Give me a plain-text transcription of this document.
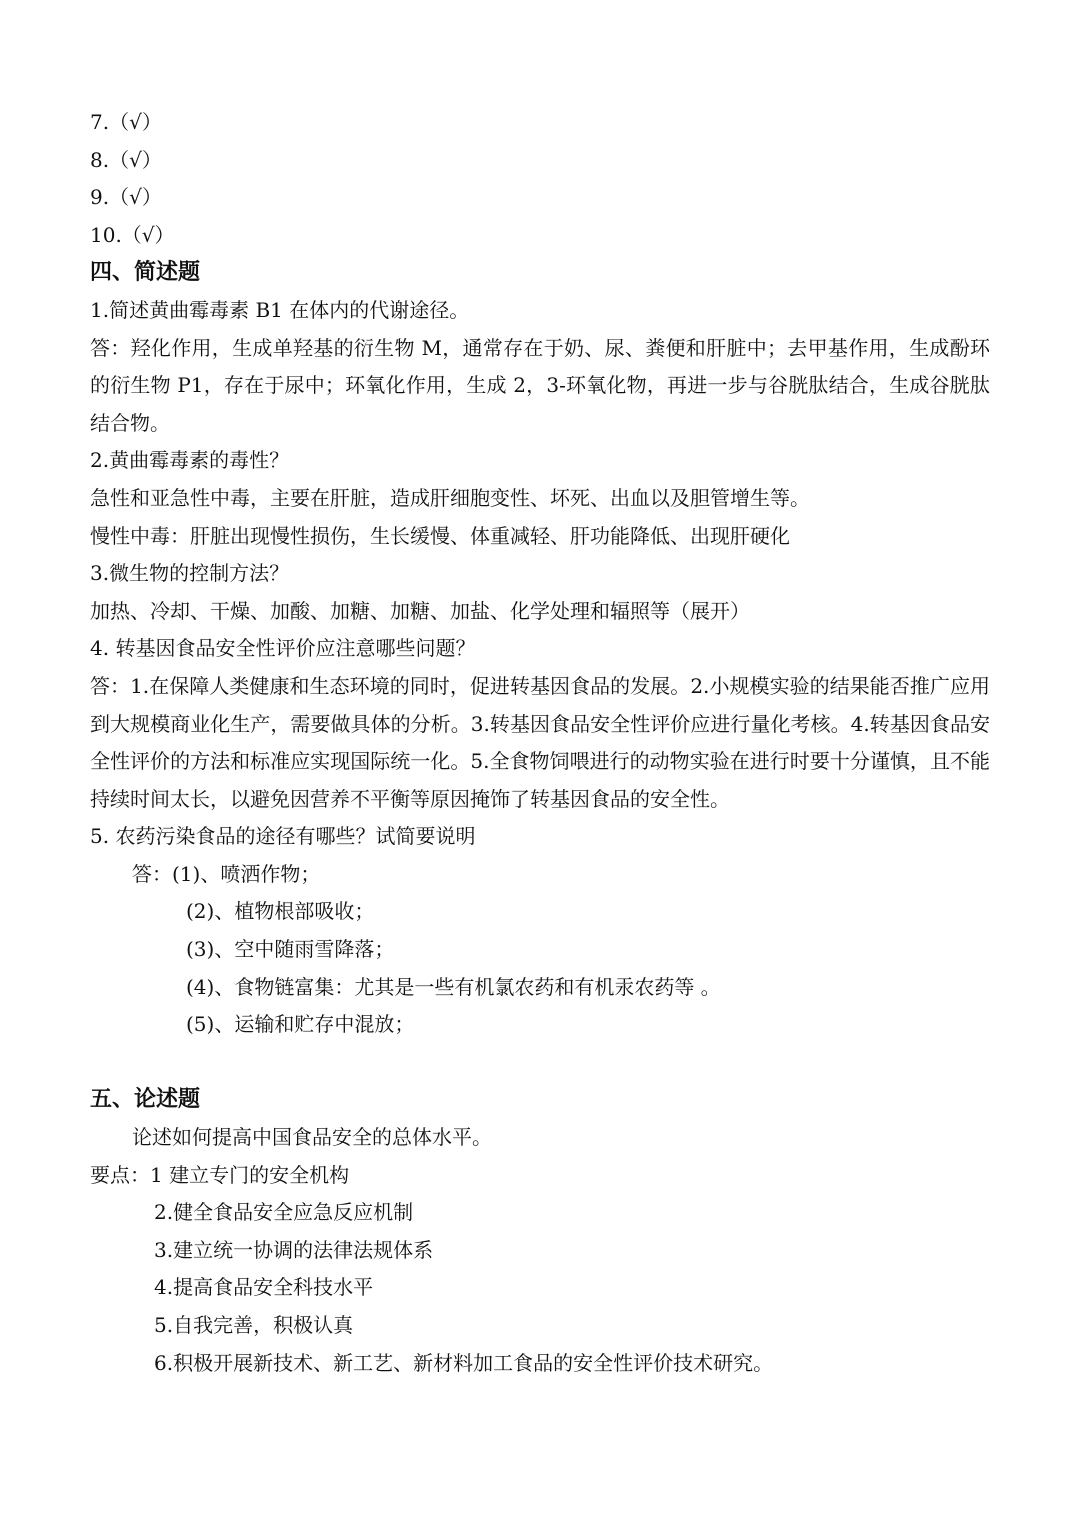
7.（√）
8.（√）
9.（√）
10.（√）
四、简述题
1.简述黄曲霉毒素 B1 在体内的代谢途径。
答：羟化作用，生成单羟基的衍生物 M，通常存在于奶、尿、粪便和肝脏中；去甲基作用，生成酚环的衍生物 P1，存在于尿中；环氧化作用，生成 2，3-环氧化物，再进一步与谷胱肽结合，生成谷胱肽结合物。
2.黄曲霉毒素的毒性？
急性和亚急性中毒，主要在肝脏，造成肝细胞变性、坏死、出血以及胆管增生等。
慢性中毒：肝脏出现慢性损伤，生长缓慢、体重减轻、肝功能降低、出现肝硬化
3.微生物的控制方法？
加热、冷却、干燥、加酸、加糖、加糖、加盐、化学处理和辐照等（展开）
4. 转基因食品安全性评价应注意哪些问题？
答：1.在保障人类健康和生态环境的同时，促进转基因食品的发展。2.小规模实验的结果能否推广应用到大规模商业化生产，需要做具体的分析。3.转基因食品安全性评价应进行量化考核。4.转基因食品安全性评价的方法和标准应实现国际统一化。5.全食物饲喂进行的动物实验在进行时要十分谨慎，且不能持续时间太长，以避免因营养不平衡等原因掩饰了转基因食品的安全性。
5. 农药污染食品的途径有哪些？试简要说明
答：(1)、喷洒作物；
(2)、植物根部吸收；
(3)、空中随雨雪降落；
(4)、食物链富集：尤其是一些有机氯农药和有机汞农药等 。
(5)、运输和贮存中混放；
五、论述题
论述如何提高中国食品安全的总体水平。
要点：1 建立专门的安全机构
2.健全食品安全应急反应机制
3.建立统一协调的法律法规体系
4.提高食品安全科技水平
5.自我完善，积极认真
6.积极开展新技术、新工艺、新材料加工食品的安全性评价技术研究。
